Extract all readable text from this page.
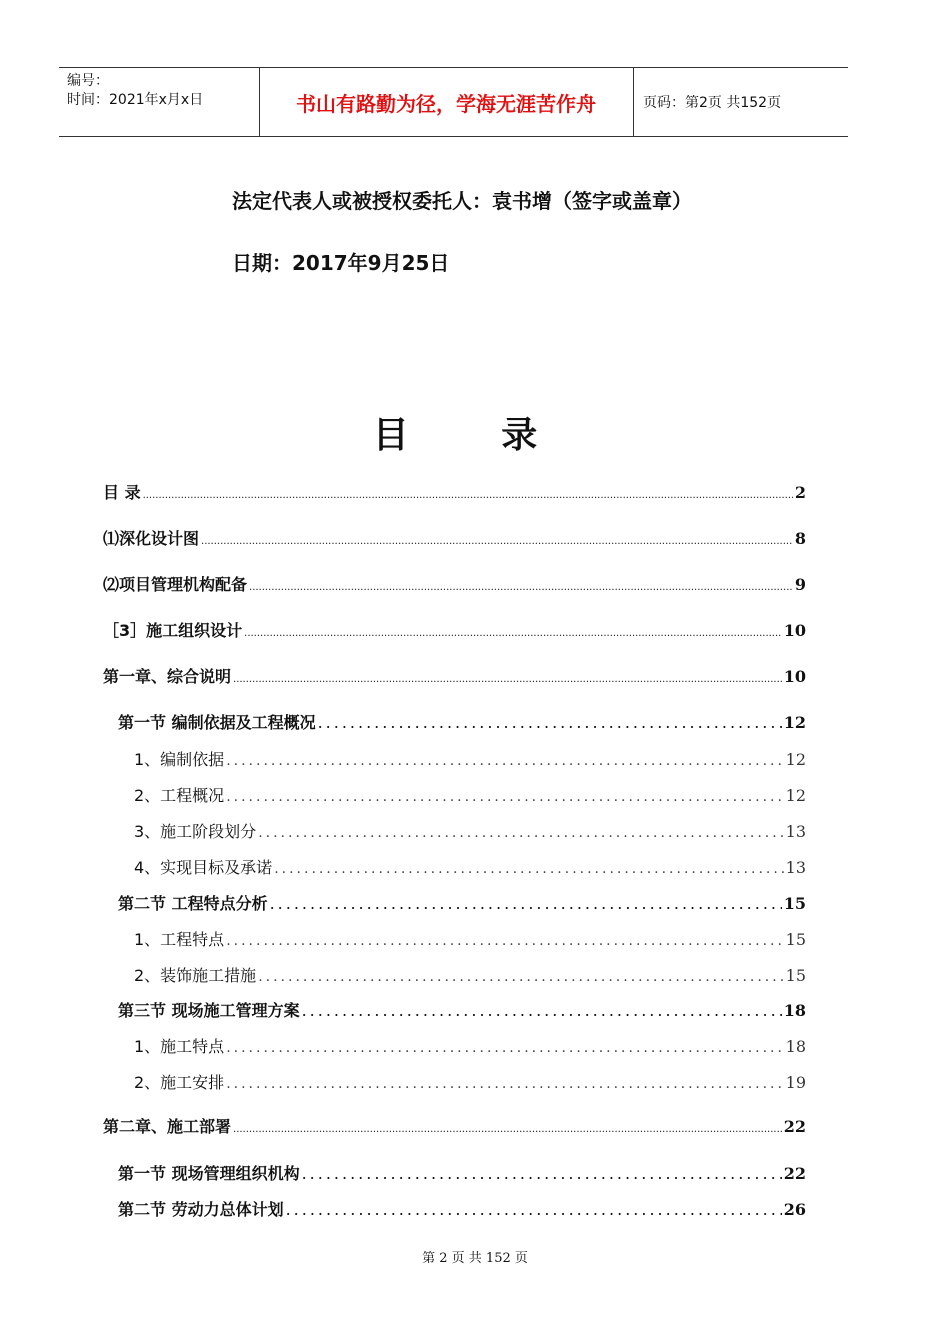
编号：
时间：2021年x月x日	书山有路勤为径，学海无涯苦作舟	页码：第2页 共152页
法定代表人或被授权委托人：袁书增（签字或盖章）
日期：2017年9月25日
目 录
目 录 .....	2
⑴深化设计图 .....	8
⑵项目管理机构配备 .....	9
［3］施工组织设计 .....	10
第一章、综合说明 .....	10
第一节 编制依据及工程概况 .....	12
1、编制依据 .....	12
2、工程概况 .....	12
3、施工阶段划分 .....	13
4、实现目标及承诺 .....	13
第二节 工程特点分析 .....	15
1、工程特点 .....	15
2、装饰施工措施 .....	15
第三节 现场施工管理方案 .....	18
1、施工特点 .....	18
2、施工安排 .....	19
第二章、施工部署 .....	22
第一节 现场管理组织机构 .....	22
第二节 劳动力总体计划 .....	26
第 2 页 共 152 页
